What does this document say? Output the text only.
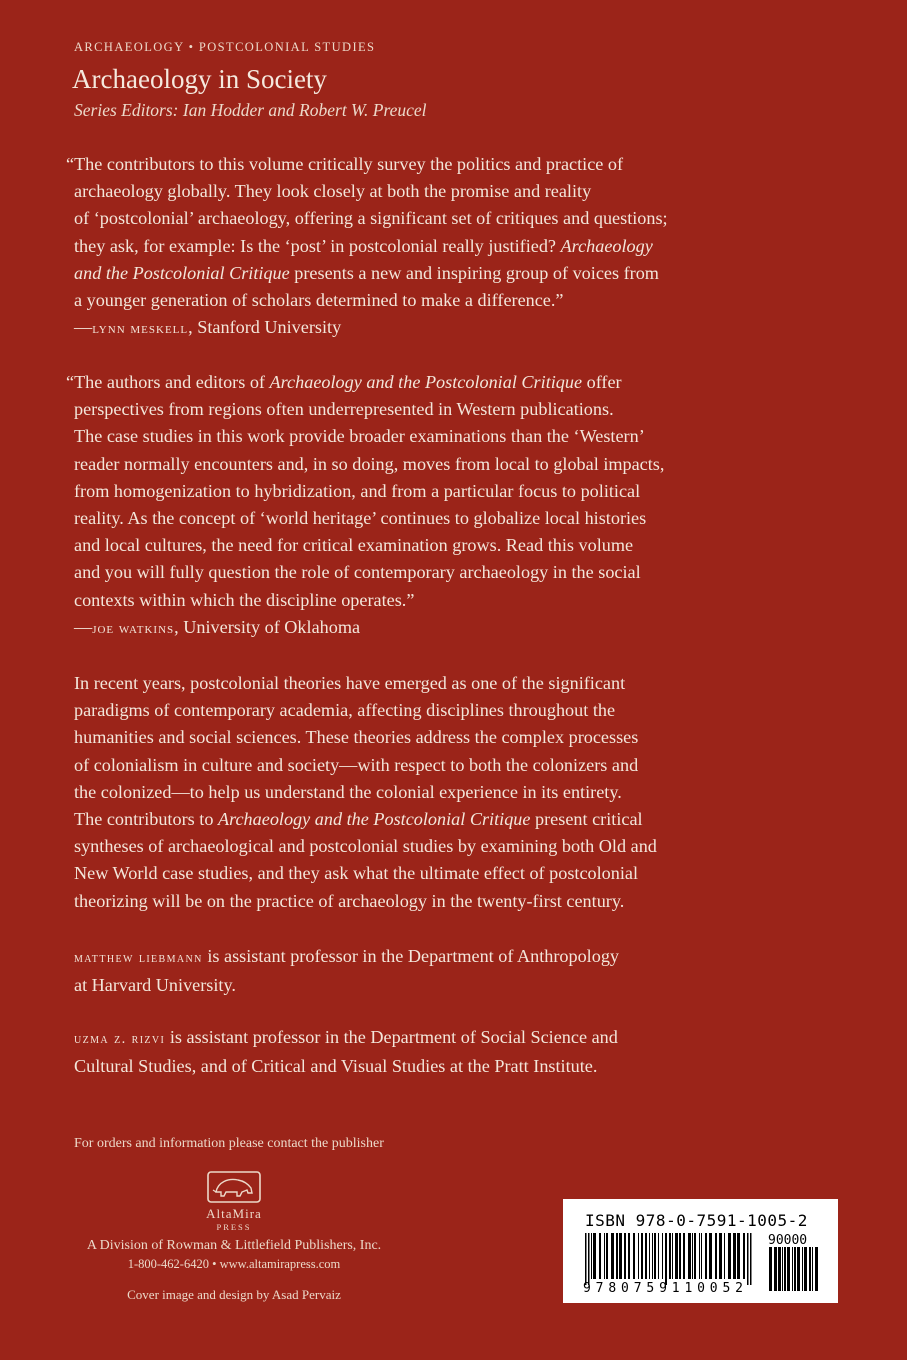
ARCHAEOLOGY • POSTCOLONIAL STUDIES
Archaeology in Society
Series Editors: Ian Hodder and Robert W. Preucel
“The contributors to this volume critically survey the politics and practice of
archaeology globally. They look closely at both the promise and reality
of ‘postcolonial’ archaeology, offering a significant set of critiques and questions;
they ask, for example: Is the ‘post’ in postcolonial really justified? Archaeology
and the Postcolonial Critique presents a new and inspiring group of voices from
a younger generation of scholars determined to make a difference.”
—lynn meskell, Stanford University
“The authors and editors of Archaeology and the Postcolonial Critique offer
perspectives from regions often underrepresented in Western publications.
The case studies in this work provide broader examinations than the ‘Western’
reader normally encounters and, in so doing, moves from local to global impacts,
from homogenization to hybridization, and from a particular focus to political
reality. As the concept of ‘world heritage’ continues to globalize local histories
and local cultures, the need for critical examination grows. Read this volume
and you will fully question the role of contemporary archaeology in the social
contexts within which the discipline operates.”
—joe watkins, University of Oklahoma
In recent years, postcolonial theories have emerged as one of the significant
paradigms of contemporary academia, affecting disciplines throughout the
humanities and social sciences. These theories address the complex processes
of colonialism in culture and society—with respect to both the colonizers and
the colonized—to help us understand the colonial experience in its entirety.
The contributors to Archaeology and the Postcolonial Critique present critical
syntheses of archaeological and postcolonial studies by examining both Old and
New World case studies, and they ask what the ultimate effect of postcolonial
theorizing will be on the practice of archaeology in the twenty-first century.
matthew liebmann is assistant professor in the Department of Anthropology
at Harvard University.
uzma z. rizvi is assistant professor in the Department of Social Science and
Cultural Studies, and of Critical and Visual Studies at the Pratt Institute.
For orders and information please contact the publisher
AltaMira
PRESS
A Division of Rowman & Littlefield Publishers, Inc.
1-800-462-6420 • www.altamirapress.com
Cover image and design by Asad Pervaiz
ISBN 978-0-7591-1005-2
9780759110052
90000
